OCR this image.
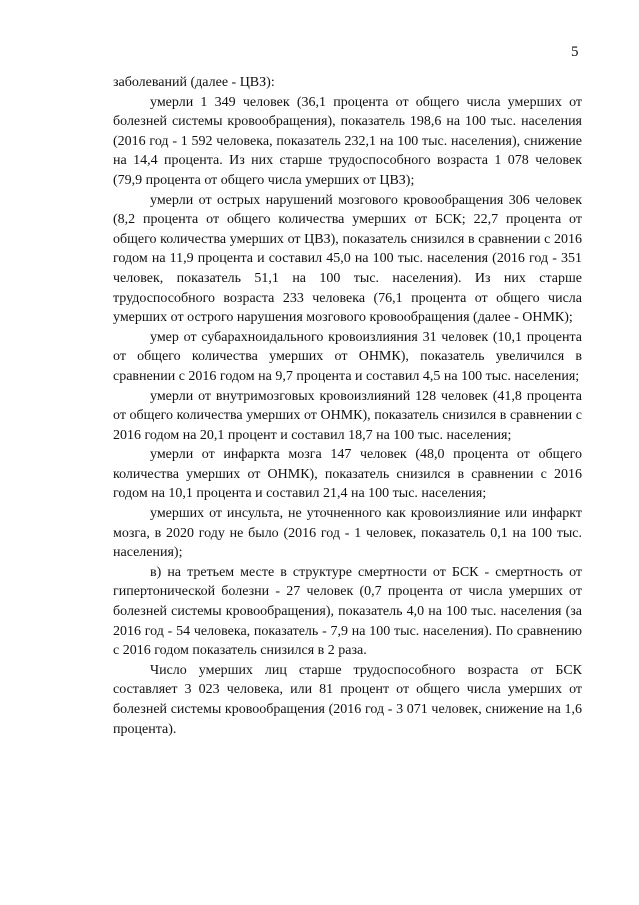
5

заболеваний (далее - ЦВЗ):

умерли 1 349 человек (36,1 процента от общего числа умерших от болезней системы кровообращения), показатель 198,6 на 100 тыс. населения (2016 год - 1 592 человека, показатель 232,1 на 100 тыс. населения), снижение на 14,4 процента. Из них старше трудоспособного возраста 1 078 человек (79,9 процента от общего числа умерших от ЦВЗ);

умерли от острых нарушений мозгового кровообращения 306 человек (8,2 процента от общего количества умерших от БСК; 22,7 процента от общего количества умерших от ЦВЗ), показатель снизился в сравнении с 2016 годом на 11,9 процента и составил 45,0 на 100 тыс. населения (2016 год - 351 человек, показатель 51,1 на 100 тыс. населения). Из них старше трудоспособного возраста 233 человека (76,1 процента от общего числа умерших от острого нарушения мозгового кровообращения (далее - ОНМК);

умер от субарахноидального кровоизлияния 31 человек (10,1 процента от общего количества умерших от ОНМК), показатель увеличился в сравнении с 2016 годом на 9,7 процента и составил 4,5 на 100 тыс. населения;

умерли от внутримозговых кровоизлияний 128 человек (41,8 процента от общего количества умерших от ОНМК), показатель снизился в сравнении с 2016 годом на 20,1 процент и составил 18,7 на 100 тыс. населения;

умерли от инфаркта мозга 147 человек (48,0 процента от общего количества умерших от ОНМК), показатель снизился в сравнении с 2016 годом на 10,1 процента и составил 21,4 на 100 тыс. населения;

умерших от инсульта, не уточненного как кровоизлияние или инфаркт мозга, в 2020 году не было (2016 год - 1 человек, показатель 0,1 на 100 тыс. населения);

в) на третьем месте в структуре смертности от БСК - смертность от гипертонической болезни - 27 человек (0,7 процента от числа умерших от болезней системы кровообращения), показатель 4,0 на 100 тыс. населения (за 2016 год - 54 человека, показатель - 7,9 на 100 тыс. населения). По сравнению с 2016 годом показатель снизился в 2 раза.

Число умерших лиц старше трудоспособного возраста от БСК составляет 3 023 человека, или 81 процент от общего числа умерших от болезней системы кровообращения (2016 год - 3 071 человек, снижение на 1,6 процента).
